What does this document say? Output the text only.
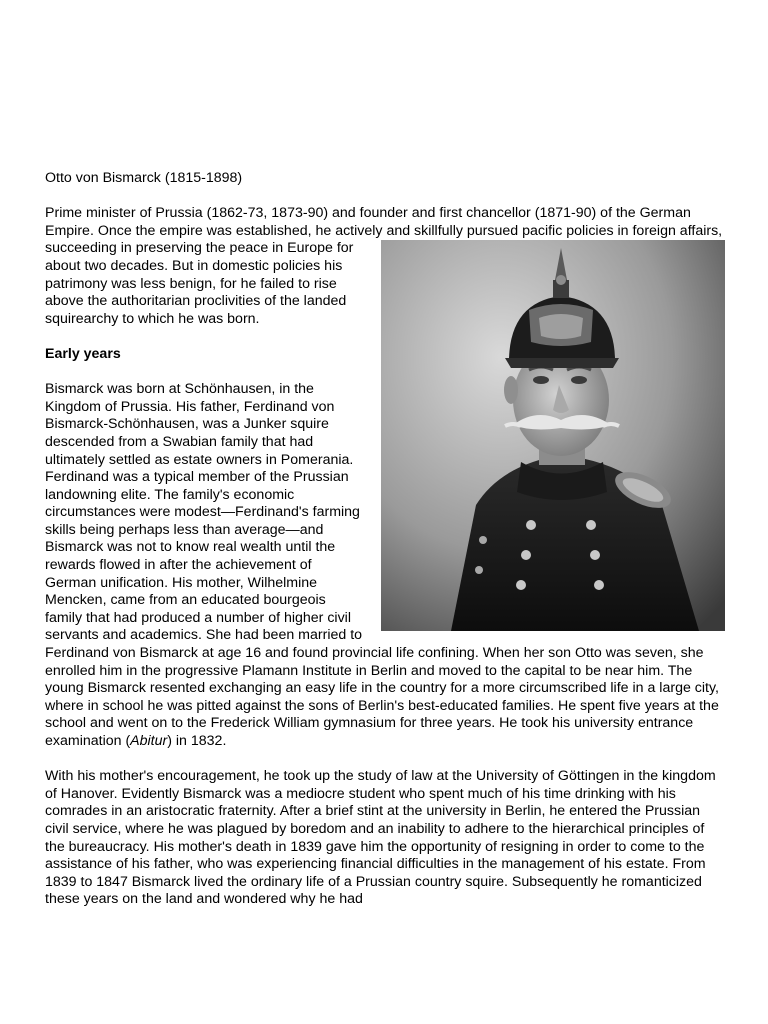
Otto von Bismarck (1815-1898)

Prime minister of Prussia (1862-73, 1873-90) and founder and first chancellor (1871-90) of the German Empire. Once the empire was established, he actively and skillfully pursued pacific policies in foreign affairs, succeeding in preserving the
peace in Europe for about two decades. But in domestic policies his patrimony was less benign, for he failed to rise above the authoritarian proclivities of the landed squirearchy to which he was born.

Early years

Bismarck was born at Schönhausen, in the Kingdom of Prussia. His father, Ferdinand von Bismarck-Schönhausen, was a Junker squire descended from a Swabian family that had ultimately settled as estate owners in Pomerania. Ferdinand was a typical member of the Prussian landowning elite. The family's economic circumstances were modest—Ferdinand's farming skills being perhaps less than average—and Bismarck was not to know real wealth until the rewards flowed in after the achievement of German unification. His mother, Wilhelmine Mencken, came from an educated bourgeois family that had produced a number of higher civil servants and academics. She had been married to Ferdinand von Bismarck at age 16 and found provincial life confining. When her son Otto was seven, she enrolled him in the progressive Plamann Institute in Berlin and moved to the capital to be near him. The young Bismarck resented exchanging an easy life in the country for a more circumscribed life in a large city, where in school he was pitted against the sons of Berlin's best-educated families. He spent five years at the school and went on to the Frederick William gymnasium for three years. He took his university entrance examination (Abitur) in 1832.

With his mother's encouragement, he took up the study of law at the University of Göttingen in the kingdom of Hanover. Evidently Bismarck was a mediocre student who spent much of his time drinking with his comrades in an aristocratic fraternity. After a brief stint at the university in Berlin, he entered the Prussian civil service, where he was plagued by boredom and an inability to adhere to the hierarchical principles of the bureaucracy. His mother's death in 1839 gave him the opportunity of resigning in order to come to the assistance of his father, who was experiencing financial difficulties in the management of his estate. From 1839 to 1847 Bismarck lived the ordinary life of a Prussian country squire. Subsequently he romanticized these years on the land and wondered why he had
